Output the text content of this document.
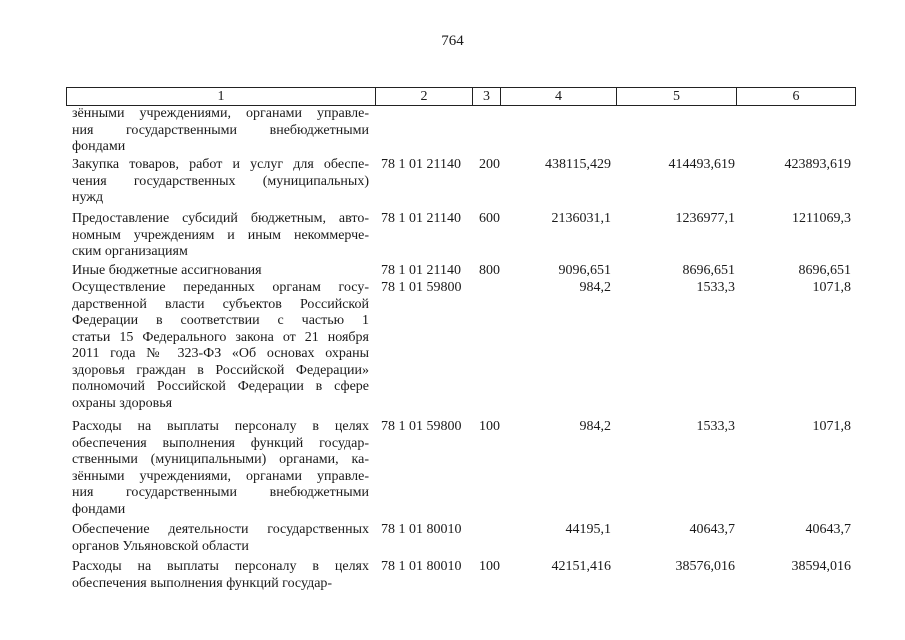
764
1	2	3	4	5	6
зёнными учреждениями, органами управле-
ния государственными внебюджетными
фондами
Закупка товаров, работ и услуг для обеспе-
чения государственных (муниципальных)
нужд
78 1 01 21140 200	438115,429	414493,619	423893,619
Предоставление субсидий бюджетным, авто-
номным учреждениям и иным некоммерче-
ским организациям
78 1 01 21140 600	2136031,1	1236977,1	1211069,3
Иные бюджетные ассигнования	78 1 01 21140 800	9096,651	8696,651	8696,651
Осуществление переданных органам госу-
дарственной власти субъектов Российской
Федерации в соответствии с частью 1
статьи 15 Федерального закона от 21 ноября
2011 года № 323-ФЗ «Об основах охраны
здоровья граждан в Российской Федерации»
полномочий Российской Федерации в сфере
охраны здоровья
78 1 01 59800	984,2	1533,3	1071,8
Расходы на выплаты персоналу в целях
обеспечения выполнения функций государ-
ственными (муниципальными) органами, ка-
зёнными учреждениями, органами управле-
ния государственными внебюджетными
фондами
78 1 01 59800 100	984,2	1533,3	1071,8
Обеспечение деятельности государственных
органов Ульяновской области
78 1 01 80010	44195,1	40643,7	40643,7
Расходы на выплаты персоналу в целях
обеспечения выполнения функций государ-
78 1 01 80010 100	42151,416	38576,016	38594,016
